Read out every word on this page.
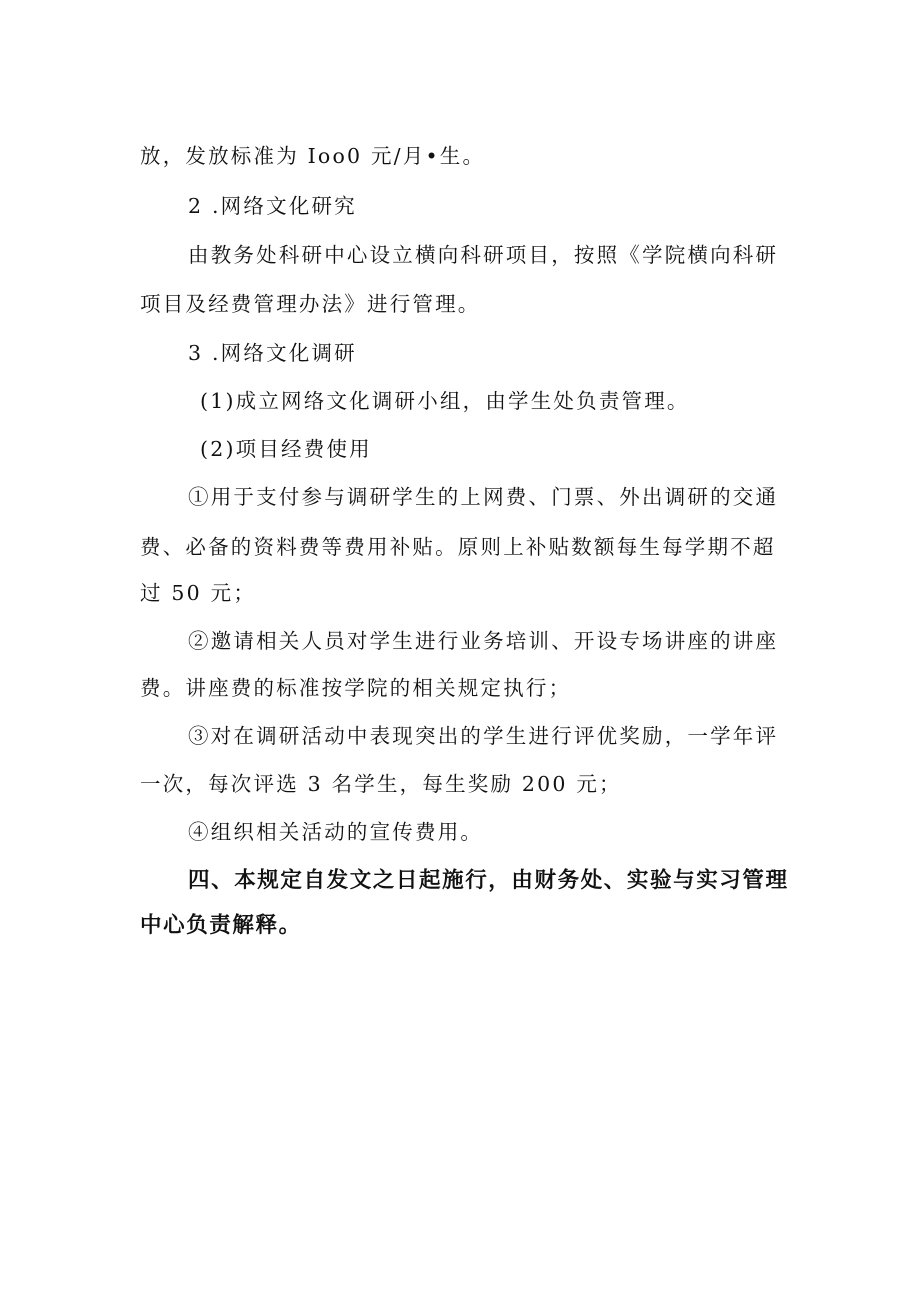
放，发放标准为 Ioo0 元/月•生。
2 .网络文化研究
由教务处科研中心设立横向科研项目，按照《学院横向科研
项目及经费管理办法》进行管理。
3 .网络文化调研
(1)成立网络文化调研小组，由学生处负责管理。
(2)项目经费使用
①用于支付参与调研学生的上网费、门票、外出调研的交通
费、必备的资料费等费用补贴。原则上补贴数额每生每学期不超
过 50 元；
②邀请相关人员对学生进行业务培训、开设专场讲座的讲座
费。讲座费的标准按学院的相关规定执行；
③对在调研活动中表现突出的学生进行评优奖励，一学年评
一次，每次评选 3 名学生，每生奖励 200 元；
④组织相关活动的宣传费用。
四、本规定自发文之日起施行，由财务处、实验与实习管理
中心负责解释。
